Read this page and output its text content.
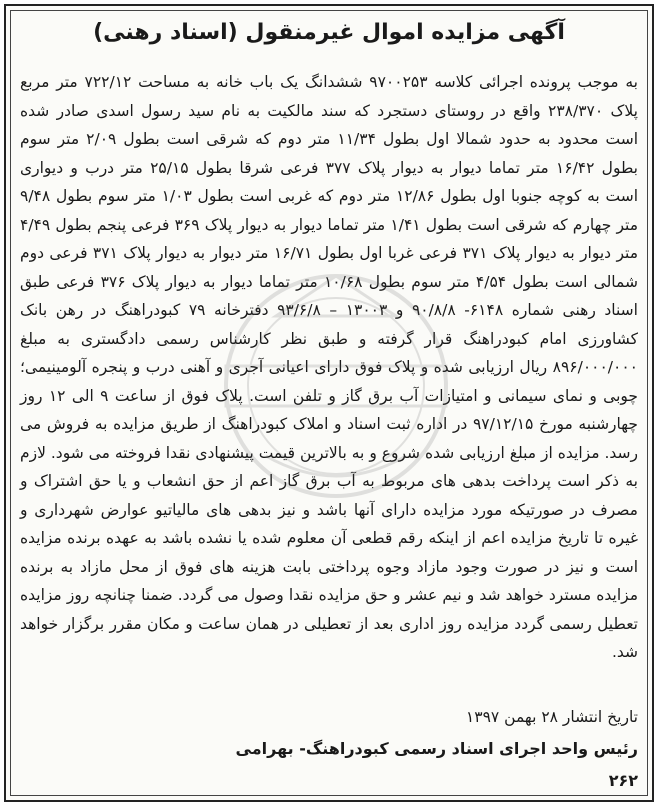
آگهی مزایده اموال غیرمنقول (اسناد رهنی)

به موجب پرونده اجرائی کلاسه ۹۷۰۰۲۵۳ ششدانگ یک باب خانه به مساحت ۷۲۲/۱۲ متر مربع پلاک ۲۳۸/۳۷۰ واقع در روستای دستجرد که سند مالکیت به نام سید رسول اسدی صادر شده است محدود به حدود شمالا اول بطول ۱۱/۳۴ متر دوم که شرقی است بطول ۲/۰۹ متر سوم بطول ۱۶/۴۲ متر تماما دیوار به دیوار پلاک ۳۷۷ فرعی شرقا بطول ۲۵/۱۵ متر درب و دیواری است به کوچه جنوبا اول بطول ۱۲/۸۶ متر دوم که غربی است بطول ۱/۰۳ متر سوم بطول ۹/۴۸ متر چهارم که شرقی است بطول ۱/۴۱ متر تماما دیوار به دیوار پلاک ۳۶۹ فرعی پنجم بطول ۴/۴۹ متر دیوار به دیوار پلاک ۳۷۱ فرعی غربا اول بطول ۱۶/۷۱ متر دیوار به دیوار پلاک ۳۷۱ فرعی دوم شمالی است بطول ۴/۵۴ متر سوم بطول ۱۰/۶۸ متر تماما دیوار به دیوار پلاک ۳۷۶ فرعی طبق اسناد رهنی شماره ۶۱۴۸- ۹۰/۸/۸ و ۱۳۰۰۳ – ۹۳/۶/۸ دفترخانه ۷۹ کبودراهنگ در رهن بانک کشاورزی امام کبودراهنگ قرار گرفته و طبق نظر کارشناس رسمی دادگستری به مبلغ ۸۹۶/۰۰۰/۰۰۰ ریال ارزیابی شده و پلاک فوق دارای اعیانی آجری و آهنی درب و پنجره آلومینیمی؛ چوبی و نمای سیمانی و امتیازات آب برق گاز و تلفن است. پلاک فوق از ساعت ۹ الی ۱۲ روز چهارشنبه مورخ ۹۷/۱۲/۱۵ در اداره ثبت اسناد و املاک کبودراهنگ از طریق مزایده به فروش می رسد. مزایده از مبلغ ارزیابی شده شروع و به بالاترین قیمت پیشنهادی نقدا فروخته می شود. لازم به ذکر است پرداخت بدهی های مربوط به آب برق گاز اعم از حق انشعاب و یا حق اشتراک و مصرف در صورتیکه مورد مزایده دارای آنها باشد و نیز بدهی های مالیاتیو عوارض شهرداری و غیره تا تاریخ مزایده اعم از اینکه رقم قطعی آن معلوم شده یا نشده باشد به عهده برنده مزایده است و نیز در صورت وجود مازاد وجوه پرداختی بابت هزینه های فوق از محل مازاد به برنده مزایده مسترد خواهد شد و نیم عشر و حق مزایده نقدا وصول می گردد. ضمنا چنانچه روز مزایده تعطیل رسمی گردد مزایده روز اداری بعد از تعطیلی در همان ساعت و مکان مقرر برگزار خواهد شد.

تاریخ انتشار ۲۸ بهمن ۱۳۹۷
رئیس واحد اجرای اسناد رسمی کبودراهنگ- بهرامی
۲۶۲
